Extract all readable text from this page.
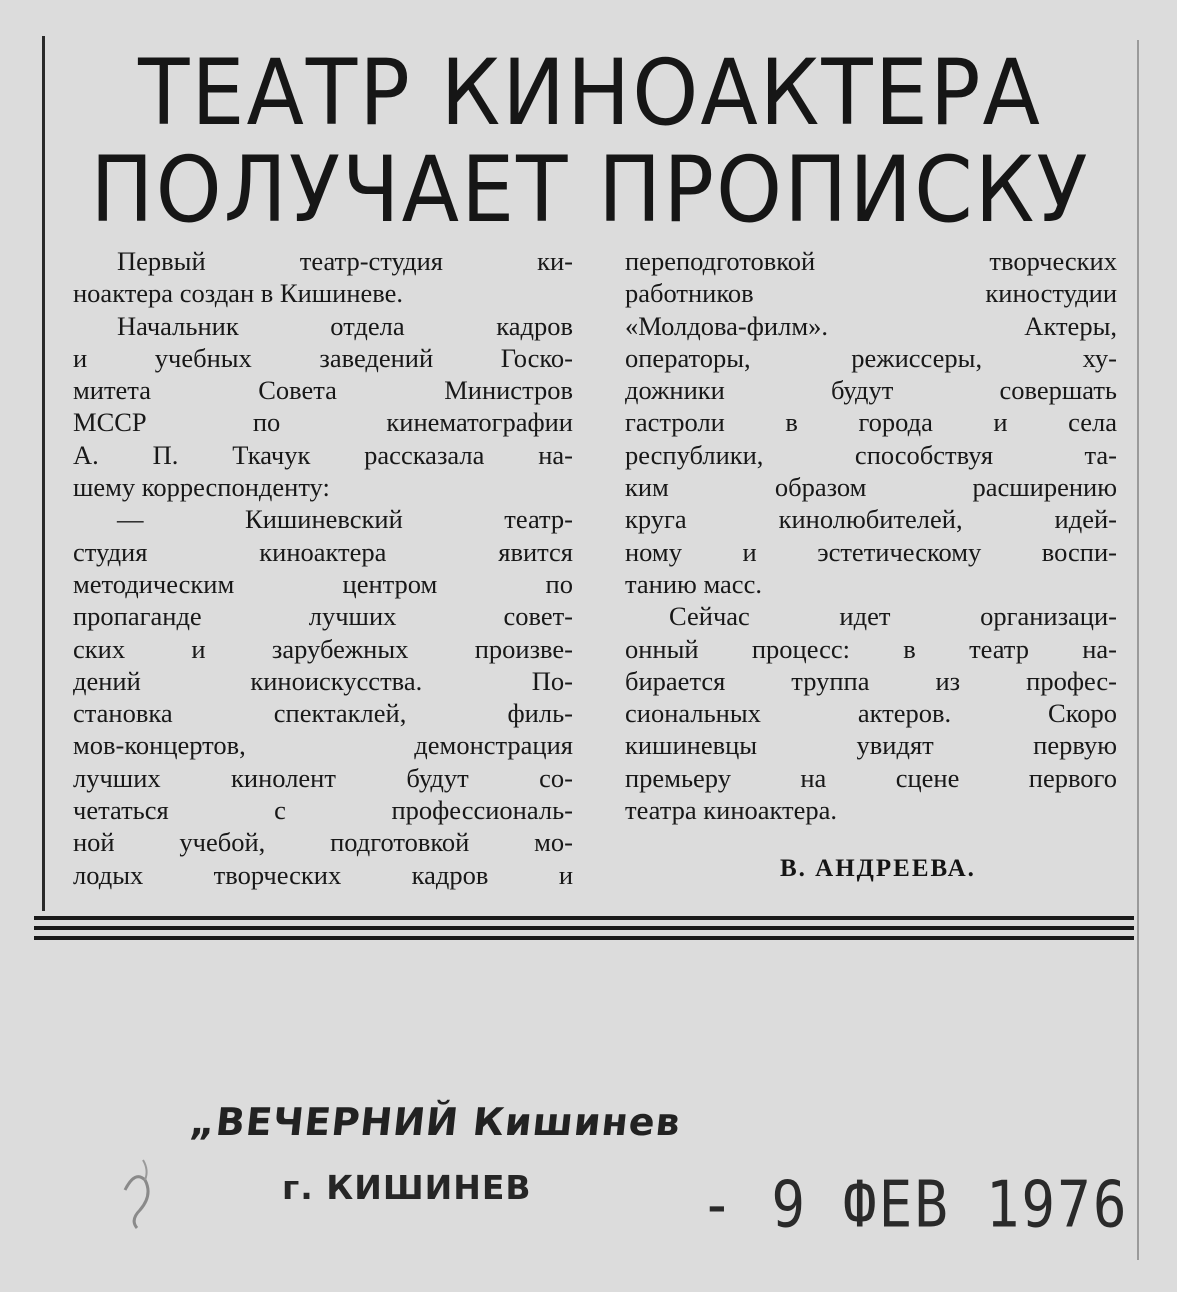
ТЕАТР КИНОАКТЕРА
ПОЛУЧАЕТ ПРОПИСКУ
Первый театр-студия ки-
ноактера создан в Кишиневе.
Начальник отдела кадров
и учебных заведений Госко-
митета Совета Министров
МССР по кинематографии
А. П. Ткачук рассказала на-
шему корреспонденту:
— Кишиневский театр-
студия киноактера явится
методическим центром по
пропаганде лучших совет-
ских и зарубежных произве-
дений киноискусства. По-
становка спектаклей, филь-
мов-концертов, демонстрация
лучших кинолент будут со-
четаться с профессиональ-
ной учебой, подготовкой мо-
лодых творческих кадров и
переподготовкой творческих
работников киностудии
«Молдова-филм». Актеры,
операторы, режиссеры, ху-
дожники будут совершать
гастроли в города и села
республики, способствуя та-
ким образом расширению
круга кинолюбителей, идей-
ному и эстетическому воспи-
танию масс.
Сейчас идет организаци-
онный процесс: в театр на-
бирается труппа из профес-
сиональных актеров. Скоро
кишиневцы увидят первую
премьеру на сцене первого
театра киноактера.
В. АНДРЕЕВА.
„ВЕЧЕРНИЙ Кишинев
г. КИШИНЕВ	- 9 ФЕВ 1976
